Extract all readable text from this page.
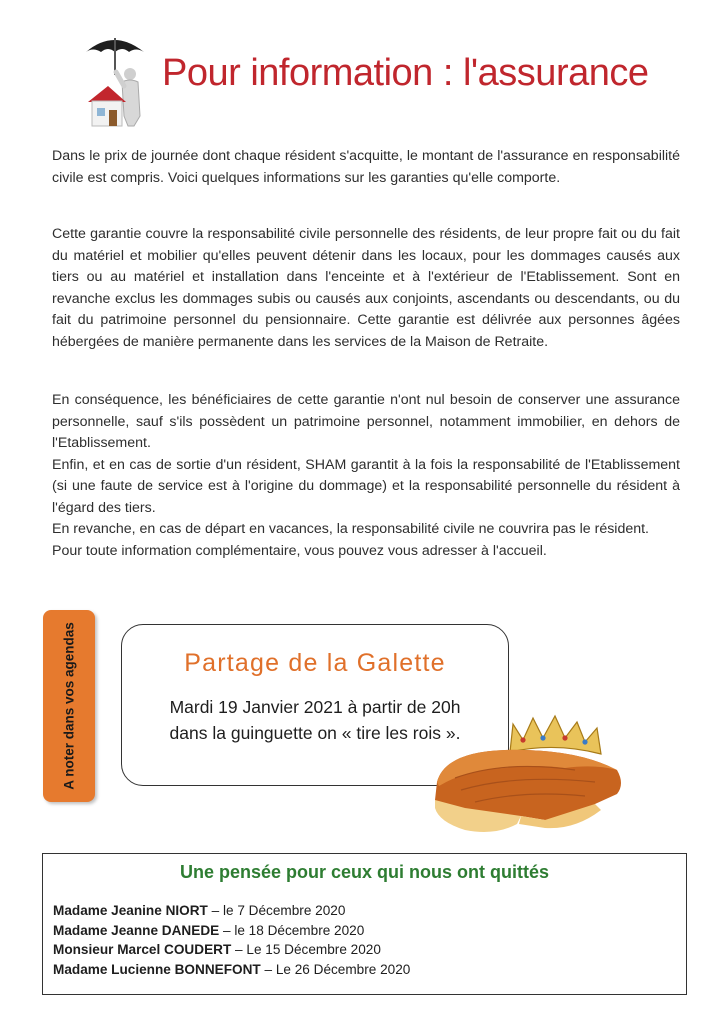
Pour information : l'assurance

Dans le prix de journée dont chaque résident s'acquitte, le montant de l'assurance en responsabilité civile est compris. Voici quelques informations sur les garanties qu'elle comporte.

Cette garantie couvre la responsabilité civile personnelle des résidents, de leur propre fait ou du fait du matériel et mobilier qu'elles peuvent détenir dans les locaux, pour les dommages causés aux tiers ou au matériel et installation dans l'enceinte et à l'extérieur de l'Etablissement. Sont en revanche exclus les dommages subis ou causés aux conjoints, ascendants ou descendants, ou du fait du patrimoine personnel du pensionnaire. Cette garantie est délivrée aux personnes âgées hébergées de manière permanente dans les services de la Maison de Retraite.

En conséquence, les bénéficiaires de cette garantie n'ont nul besoin de conserver une assurance personnelle, sauf s'ils possèdent un patrimoine personnel, notamment immobilier, en dehors de l'Etablissement.

Enfin, et en cas de sortie d'un résident, SHAM garantit à la fois la responsabilité de l'Etablissement (si une faute de service est à l'origine du dommage) et la responsabilité personnelle du résident à l'égard des tiers.

En revanche, en cas de départ en vacances, la responsabilité civile ne couvrira pas le résident.

Pour toute information complémentaire, vous pouvez vous adresser à l'accueil.

A noter dans vos agendas	Partage de la Galette
Mardi 19 Janvier 2021 à partir de 20h
dans la guinguette on « tire les rois ».
Une pensée pour ceux qui nous ont quittés
Madame Jeanine NIORT – le 7 Décembre 2020
Madame Jeanne DANEDE – le 18 Décembre 2020
Monsieur Marcel COUDERT – Le 15 Décembre 2020
Madame Lucienne BONNEFONT – Le 26 Décembre 2020
